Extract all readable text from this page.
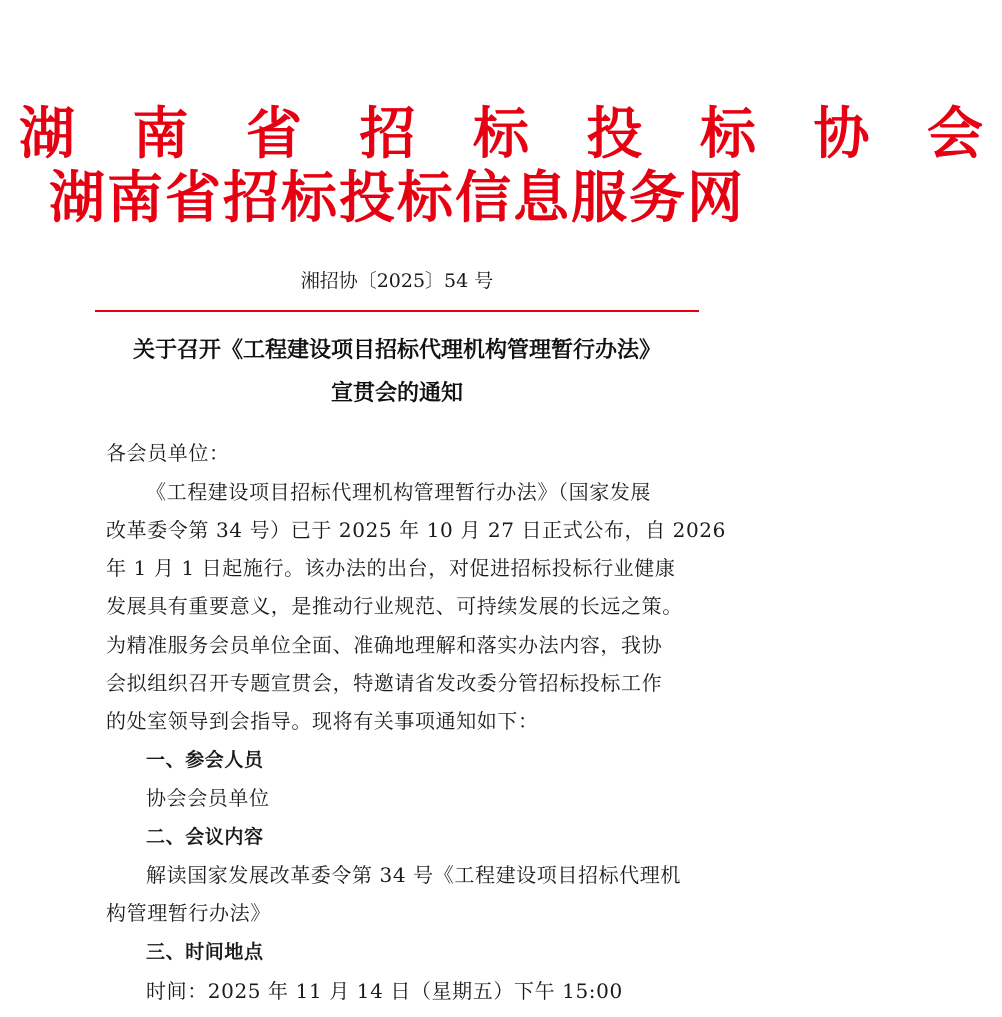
湖 南 省 招 标 投 标 协 会
湖南省招标投标信息服务网
湘招协〔2025〕54 号
关于召开《工程建设项目招标代理机构管理暂行办法》
宣贯会的通知
各会员单位：
《工程建设项目招标代理机构管理暂行办法》（国家发展
改革委令第 34 号）已于 2025 年 10 月 27 日正式公布，自 2026
年 1 月 1 日起施行。该办法的出台，对促进招标投标行业健康
发展具有重要意义，是推动行业规范、可持续发展的长远之策。
为精准服务会员单位全面、准确地理解和落实办法内容，我协
会拟组织召开专题宣贯会，特邀请省发改委分管招标投标工作
的处室领导到会指导。现将有关事项通知如下：
一、参会人员
协会会员单位
二、会议内容
解读国家发展改革委令第 34 号《工程建设项目招标代理机
构管理暂行办法》
三、时间地点
时间：2025 年 11 月 14 日（星期五）下午 15:00
